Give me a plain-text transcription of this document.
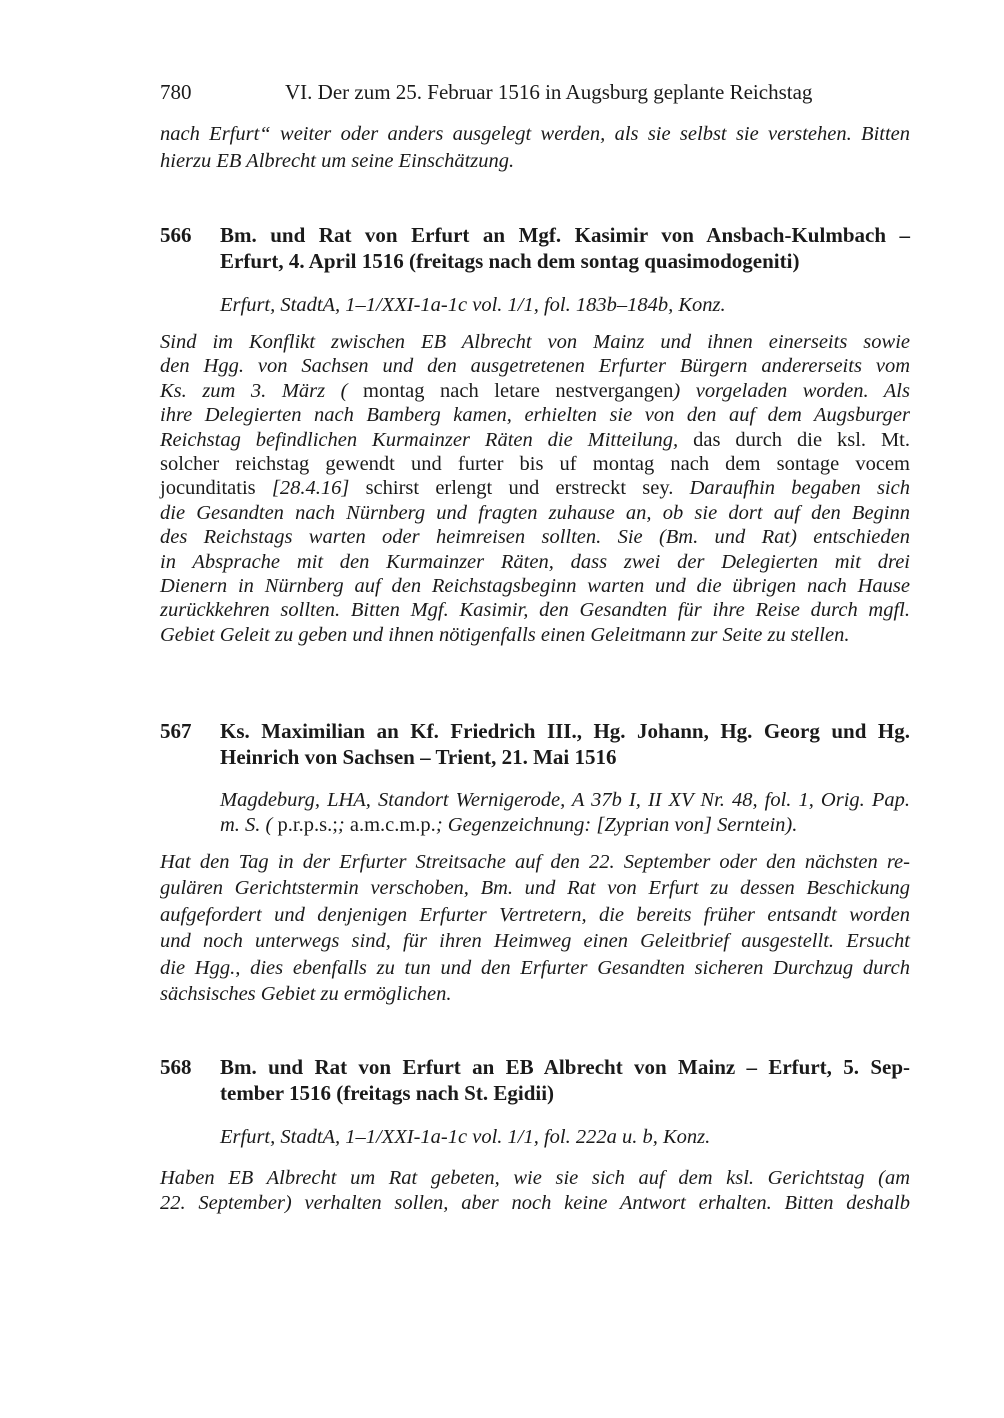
780	VI. Der zum 25. Februar 1516 in Augsburg geplante Reichstag
nach Erfurt“ weiter oder anders ausgelegt werden, als sie selbst sie verstehen. Bitten
hierzu EB Albrecht um seine Einschätzung.
566 Bm. und Rat von Erfurt an Mgf. Kasimir von Ansbach-Kulmbach –
Erfurt, 4. April 1516 (freitags nach dem sontag quasimodogeniti)
Erfurt, StadtA, 1–1/XXI-1a-1c vol. 1/1, fol. 183b–184b, Konz.
Sind im Konflikt zwischen EB Albrecht von Mainz und ihnen einerseits sowie
den Hgg. von Sachsen und den ausgetretenen Erfurter Bürgern andererseits vom
Ks. zum 3. März ( montag nach letare nestvergangen) vorgeladen worden. Als
ihre Delegierten nach Bamberg kamen, erhielten sie von den auf dem Augsburger
Reichstag befindlichen Kurmainzer Räten die Mitteilung, das durch die ksl. Mt.
solcher reichstag gewendt und furter bis uf montag nach dem sontage vocem
jocunditatis [28.4.16] schirst erlengt und erstreckt sey. Daraufhin begaben sich
die Gesandten nach Nürnberg und fragten zuhause an, ob sie dort auf den Beginn
des Reichstags warten oder heimreisen sollten. Sie (Bm. und Rat) entschieden
in Absprache mit den Kurmainzer Räten, dass zwei der Delegierten mit drei
Dienern in Nürnberg auf den Reichstagsbeginn warten und die übrigen nach Hause
zurückkehren sollten. Bitten Mgf. Kasimir, den Gesandten für ihre Reise durch mgfl.
Gebiet Geleit zu geben und ihnen nötigenfalls einen Geleitmann zur Seite zu stellen.
567 Ks. Maximilian an Kf. Friedrich III., Hg. Johann, Hg. Georg und Hg.
Heinrich von Sachsen – Trient, 21. Mai 1516
Magdeburg, LHA, Standort Wernigerode, A 37b I, II XV Nr. 48, fol. 1, Orig. Pap.
m. S. ( p.r.p.s.;; a.m.c.m.p.; Gegenzeichnung: [Zyprian von] Serntein).
Hat den Tag in der Erfurter Streitsache auf den 22. September oder den nächsten re-
gulären Gerichtstermin verschoben, Bm. und Rat von Erfurt zu dessen Beschickung
aufgefordert und denjenigen Erfurter Vertretern, die bereits früher entsandt worden
und noch unterwegs sind, für ihren Heimweg einen Geleitbrief ausgestellt. Ersucht
die Hgg., dies ebenfalls zu tun und den Erfurter Gesandten sicheren Durchzug durch
sächsisches Gebiet zu ermöglichen.
568 Bm. und Rat von Erfurt an EB Albrecht von Mainz – Erfurt, 5. Sep-
tember 1516 (freitags nach St. Egidii)
Erfurt, StadtA, 1–1/XXI-1a-1c vol. 1/1, fol. 222a u. b, Konz.
Haben EB Albrecht um Rat gebeten, wie sie sich auf dem ksl. Gerichtstag (am
22. September) verhalten sollen, aber noch keine Antwort erhalten. Bitten deshalb
